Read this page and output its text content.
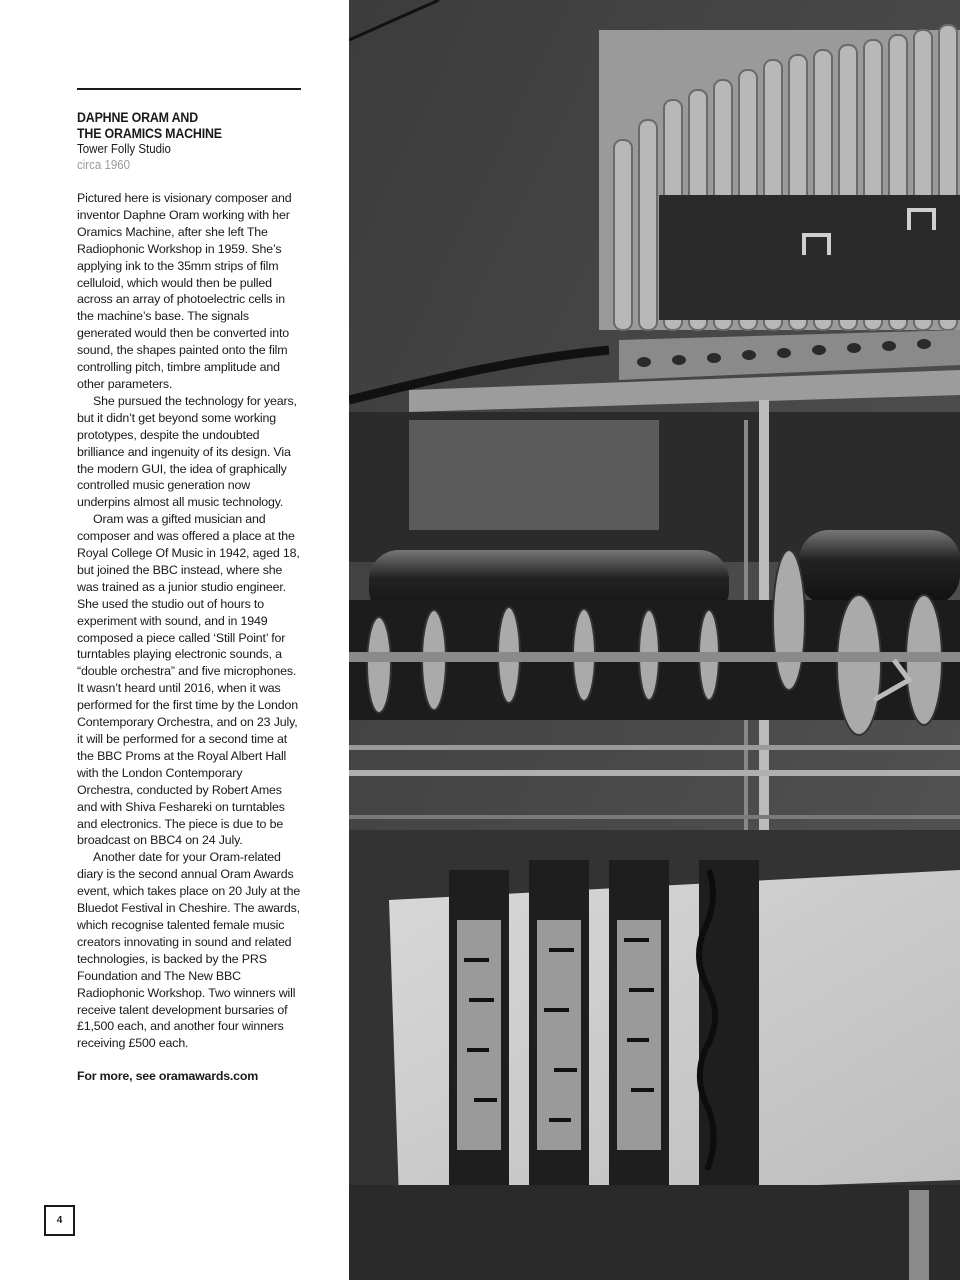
DAPHNE ORAM AND
THE ORAMICS MACHINE

Tower Folly Studio

circa 1960

Pictured here is visionary composer and inventor Daphne Oram working with her Oramics Machine, after she left The Radiophonic Workshop in 1959. She’s applying ink to the 35mm strips of film celluloid, which would then be pulled across an array of photoelectric cells in the machine’s base. The signals generated would then be converted into sound, the shapes painted onto the film controlling pitch, timbre amplitude and other parameters.

She pursued the technology for years, but it didn’t get beyond some working prototypes, despite the undoubted brilliance and ingenuity of its design. Via the modern GUI, the idea of graphically controlled music generation now underpins almost all music technology.

Oram was a gifted musician and composer and was offered a place at the Royal College Of Music in 1942, aged 18, but joined the BBC instead, where she was trained as a junior studio engineer. She used the studio out of hours to experiment with sound, and in 1949 composed a piece called ‘Still Point’ for turntables playing electronic sounds, a “double orchestra” and five microphones. It wasn’t heard until 2016, when it was performed for the first time by the London Contemporary Orchestra, and on 23 July, it will be performed for a second time at the BBC Proms at the Royal Albert Hall with the London Contemporary Orchestra, conducted by Robert Ames and with Shiva Feshareki on turntables and electronics. The piece is due to be broadcast on BBC4 on 24 July.

Another date for your Oram-related diary is the second annual Oram Awards event, which takes place on 20 July at the Bluedot Festival in Cheshire. The awards, which recognise talented female music creators innovating in sound and related technologies, is backed by the PRS Foundation and The New BBC Radiophonic Workshop. Two winners will receive talent development bursaries of £1,500 each, and another four winners receiving £500 each.

For more, see oramawards.com
4
